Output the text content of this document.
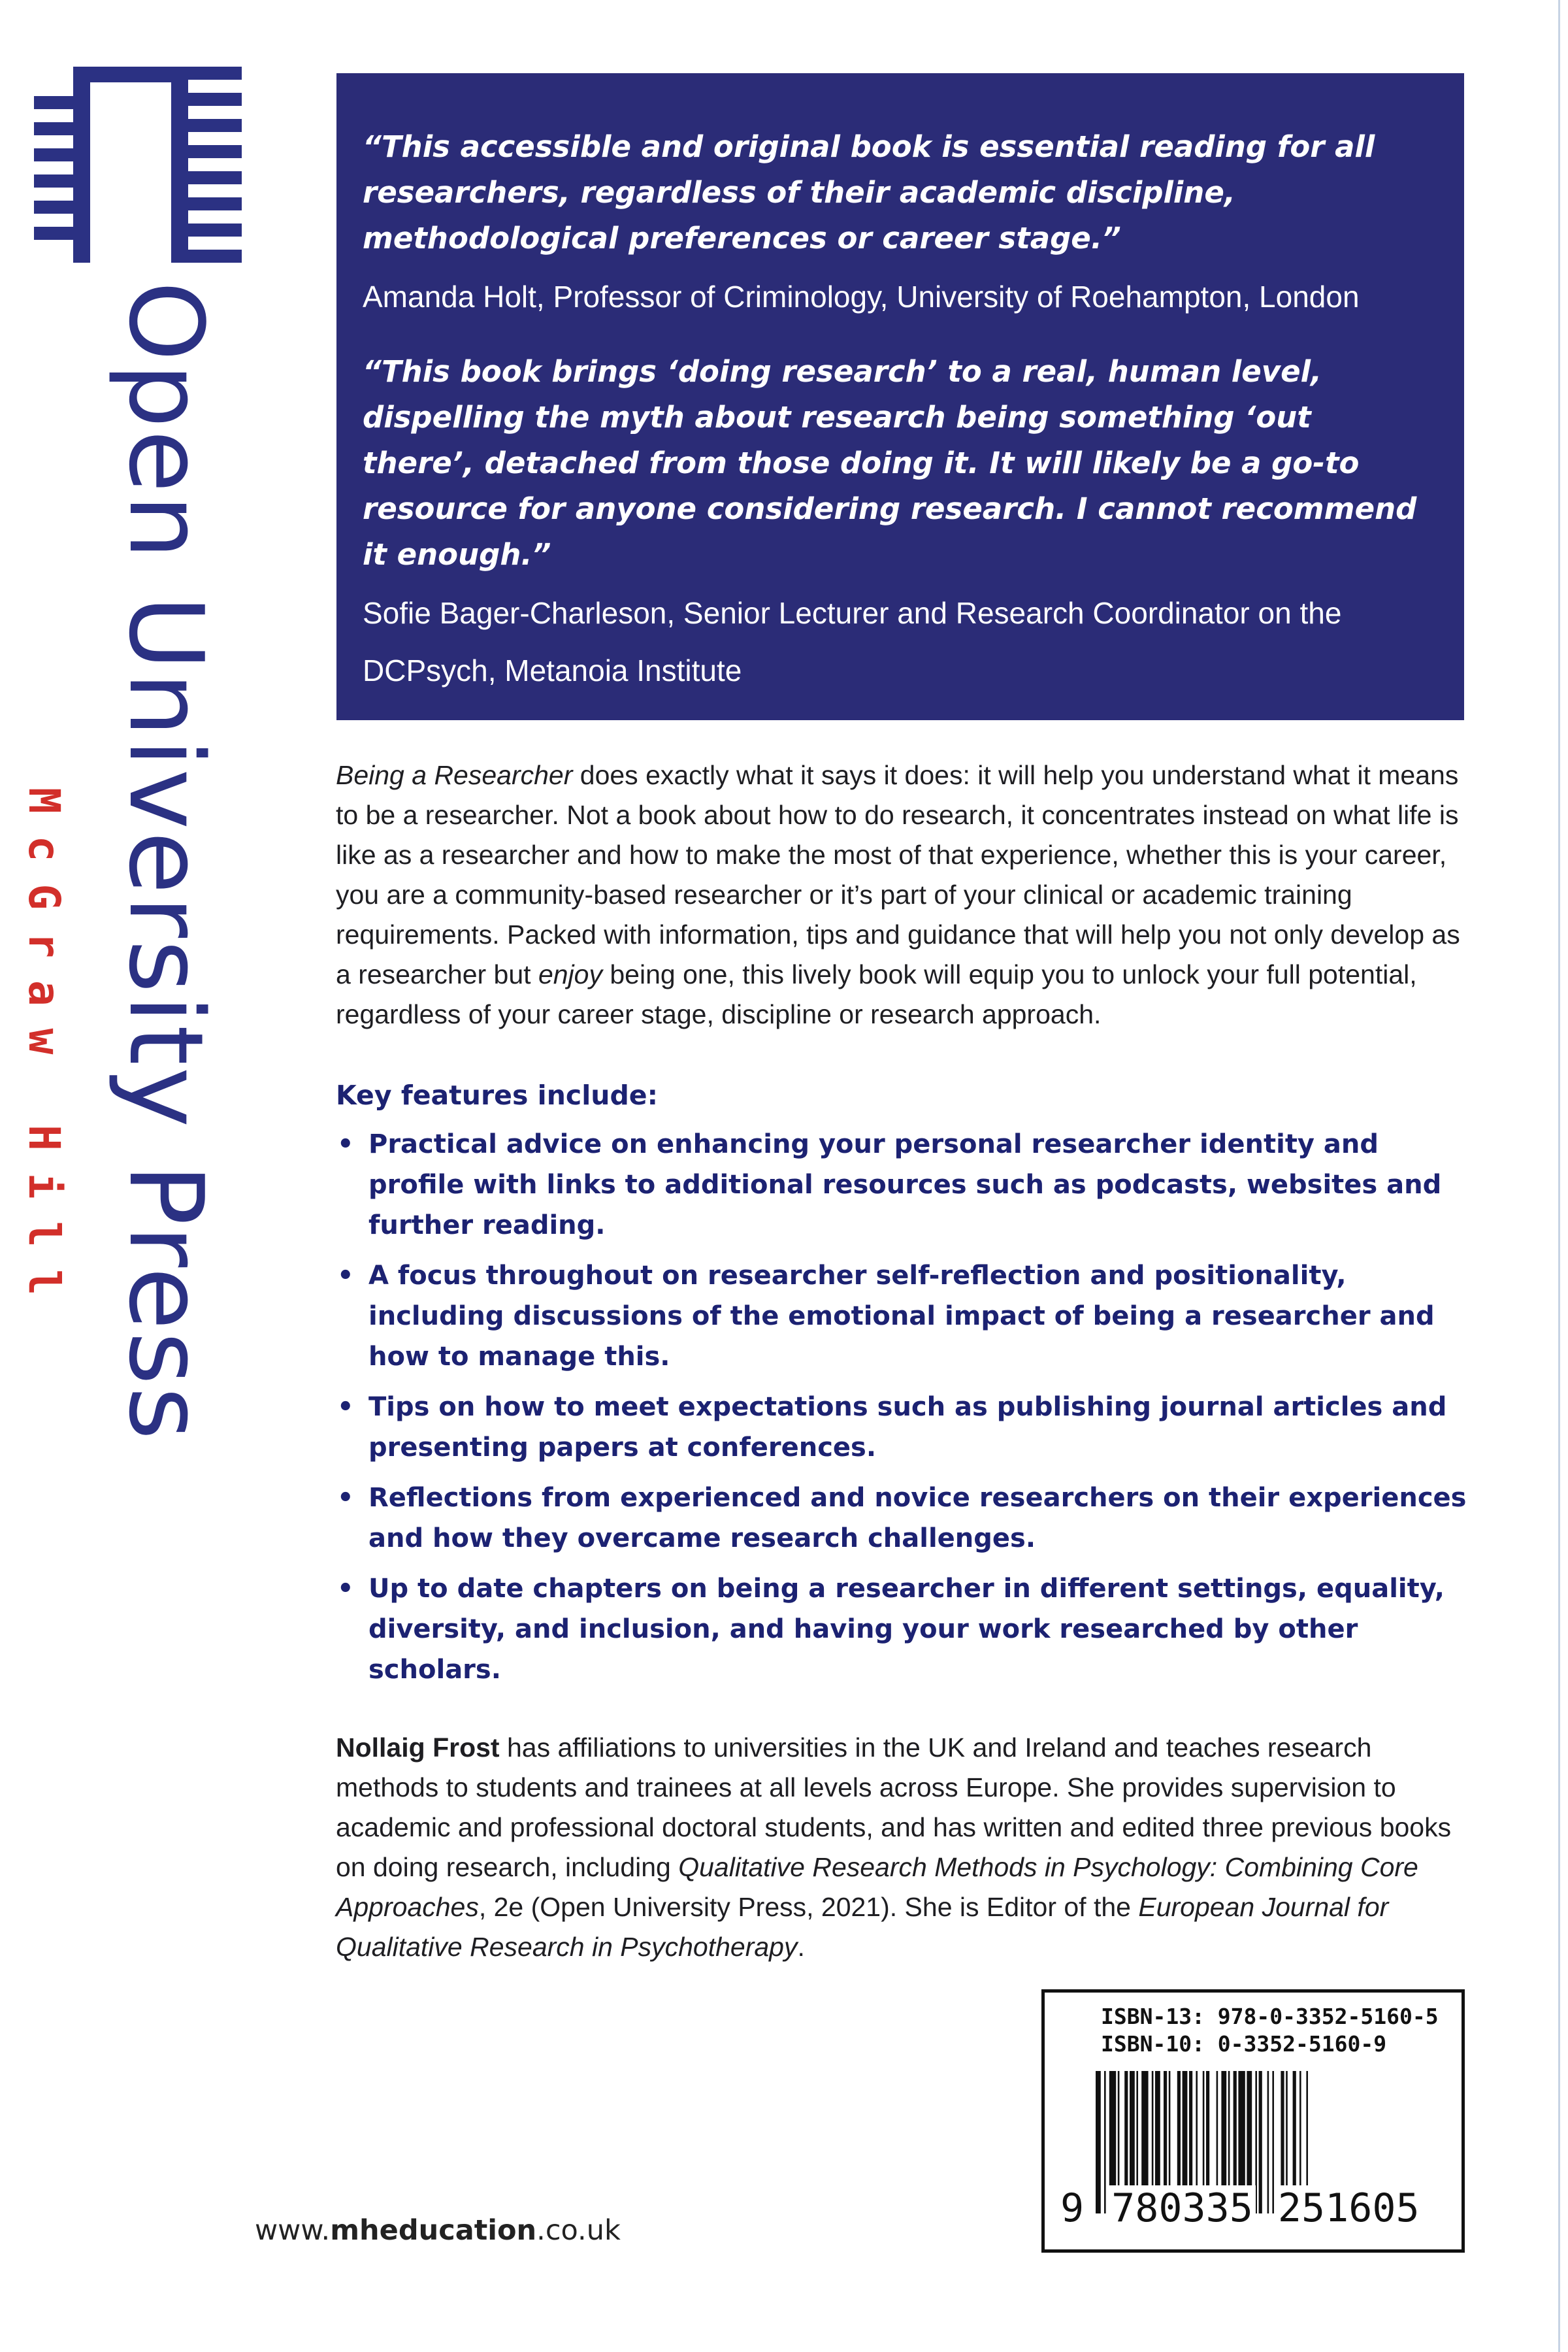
Open University Press
McGraw Hill

“This accessible and original book is essential reading for all researchers, regardless of their academic discipline, methodological preferences or career stage.”

Amanda Holt, Professor of Criminology, University of Roehampton, London

“This book brings ‘doing research’ to a real, human level, dispelling the myth about research being something ‘out there’, detached from those doing it. It will likely be a go-to resource for anyone considering research. I cannot recommend it enough.”

Sofie Bager-Charleson, Senior Lecturer and Research Coordinator on the DCPsych, Metanoia Institute

Being a Researcher does exactly what it says it does: it will help you understand what it means to be a researcher. Not a book about how to do research, it concentrates instead on what life is like as a researcher and how to make the most of that experience, whether this is your career, you are a community-based researcher or it’s part of your clinical or academic training requirements. Packed with information, tips and guidance that will help you not only develop as a researcher but enjoy being one, this lively book will equip you to unlock your full potential, regardless of your career stage, discipline or research approach.

Key features include:

• Practical advice on enhancing your personal researcher identity and profile with links to additional resources such as podcasts, websites and further reading.
• A focus throughout on researcher self-reflection and positionality, including discussions of the emotional impact of being a researcher and how to manage this.
• Tips on how to meet expectations such as publishing journal articles and presenting papers at conferences.
• Reflections from experienced and novice researchers on their experiences and how they overcame research challenges.
• Up to date chapters on being a researcher in different settings, equality, diversity, and inclusion, and having your work researched by other scholars.

Nollaig Frost has affiliations to universities in the UK and Ireland and teaches research methods to students and trainees at all levels across Europe. She provides supervision to academic and professional doctoral students, and has written and edited three previous books on doing research, including Qualitative Research Methods in Psychology: Combining Core Approaches, 2e (Open University Press, 2021). She is Editor of the European Journal for Qualitative Research in Psychotherapy.

ISBN-13: 978-0-3352-5160-5
ISBN-10: 0-3352-5160-9
9 780335 251605

www.mheducation.co.uk
